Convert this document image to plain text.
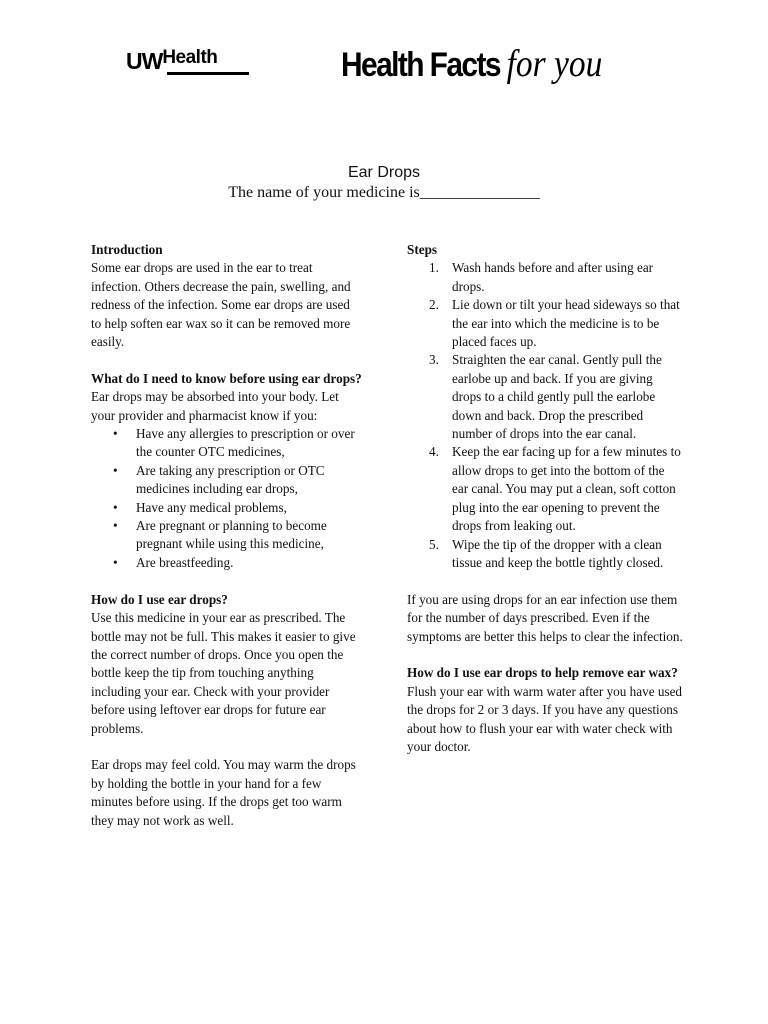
UWHealth	Health Facts for you
Ear Drops
The name of your medicine is_______________

Introduction

Some ear drops are used in the ear to treat infection. Others decrease the pain, swelling, and redness of the infection. Some ear drops are used to help soften ear wax so it can be removed more easily.

What do I need to know before using ear drops?

Ear drops may be absorbed into your body. Let your provider and pharmacist know if you:

• Have any allergies to prescription or over the counter OTC medicines,
• Are taking any prescription or OTC medicines including ear drops,
• Have any medical problems,
• Are pregnant or planning to become pregnant while using this medicine,
• Are breastfeeding.

How do I use ear drops?

Use this medicine in your ear as prescribed. The bottle may not be full. This makes it easier to give the correct number of drops. Once you open the bottle keep the tip from touching anything including your ear. Check with your provider before using leftover ear drops for future ear problems.

Ear drops may feel cold. You may warm the drops by holding the bottle in your hand for a few minutes before using. If the drops get too warm they may not work as well.

Steps

1. Wash hands before and after using ear drops.
2. Lie down or tilt your head sideways so that the ear into which the medicine is to be placed faces up.
3. Straighten the ear canal. Gently pull the earlobe up and back. If you are giving drops to a child gently pull the earlobe down and back. Drop the prescribed number of drops into the ear canal.
4. Keep the ear facing up for a few minutes to allow drops to get into the bottom of the ear canal. You may put a clean, soft cotton plug into the ear opening to prevent the drops from leaking out.
5. Wipe the tip of the dropper with a clean tissue and keep the bottle tightly closed.

If you are using drops for an ear infection use them for the number of days prescribed. Even if the symptoms are better this helps to clear the infection.

How do I use ear drops to help remove ear wax?

Flush your ear with warm water after you have used the drops for 2 or 3 days. If you have any questions about how to flush your ear with water check with your doctor.
